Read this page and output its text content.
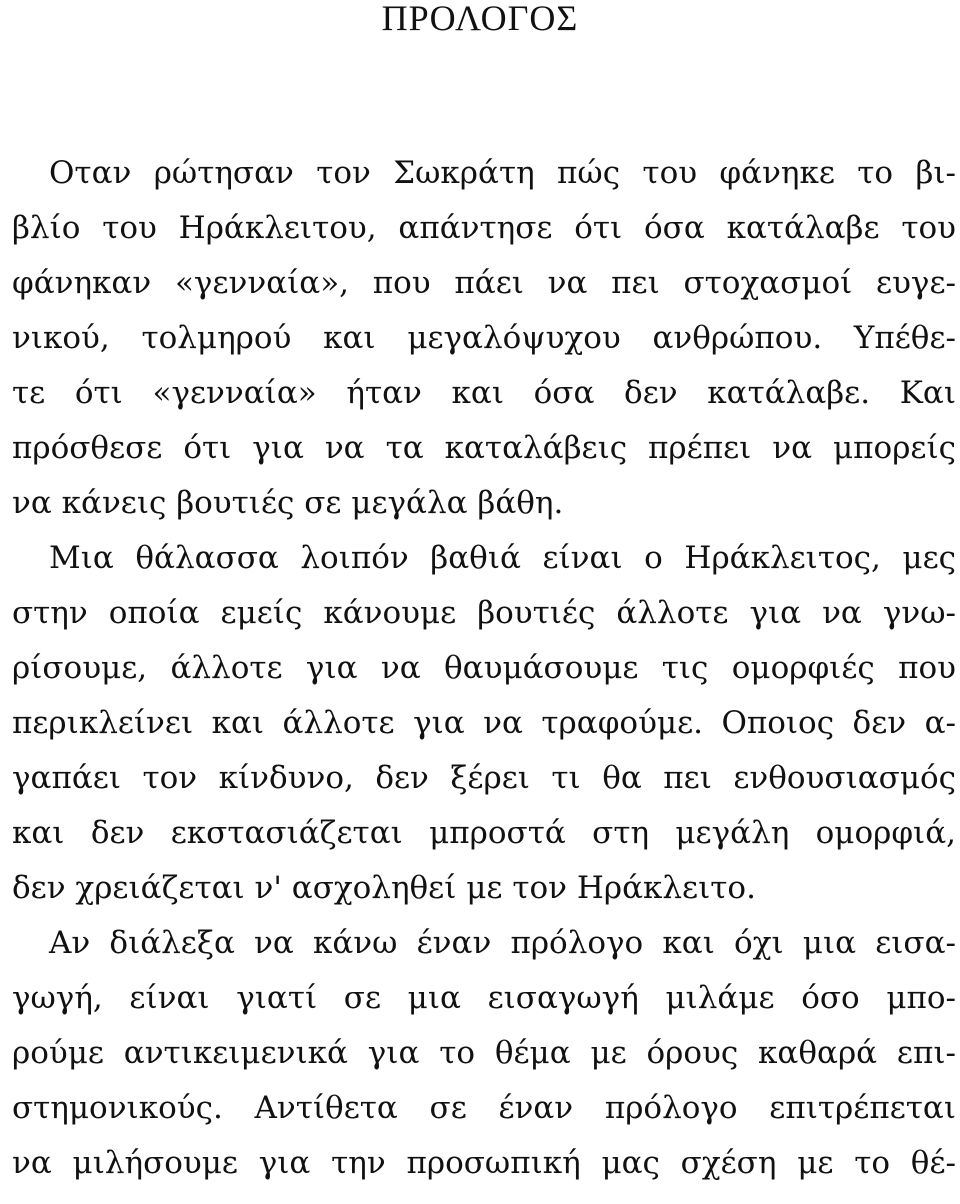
ΠΡΟΛΟΓΟΣ
Οταν ρώτησαν τον Σωκράτη πώς του φάνηκε το βι-
βλίο του Ηράκλειτου, απάντησε ότι όσα κατάλαβε του
φάνηκαν «γενναία», που πάει να πει στοχασμοί ευγε-
νικού, τολμηρού και μεγαλόψυχου ανθρώπου. Υπέθε-
τε ότι «γενναία» ήταν και όσα δεν κατάλαβε. Και
πρόσθεσε ότι για να τα καταλάβεις πρέπει να μπορείς
να κάνεις βουτιές σε μεγάλα βάθη.
Μια θάλασσα λοιπόν βαθιά είναι ο Ηράκλειτος, μες
στην οποία εμείς κάνουμε βουτιές άλλοτε για να γνω-
ρίσουμε, άλλοτε για να θαυμάσουμε τις ομορφιές που
περικλείνει και άλλοτε για να τραφούμε. Οποιος δεν α-
γαπάει τον κίνδυνο, δεν ξέρει τι θα πει ενθουσιασμός
και δεν εκστασιάζεται μπροστά στη μεγάλη ομορφιά,
δεν χρειάζεται ν' ασχοληθεί με τον Ηράκλειτο.
Αν διάλεξα να κάνω έναν πρόλογο και όχι μια εισα-
γωγή, είναι γιατί σε μια εισαγωγή μιλάμε όσο μπο-
ρούμε αντικειμενικά για το θέμα με όρους καθαρά επι-
στημονικούς. Αντίθετα σε έναν πρόλογο επιτρέπεται
να μιλήσουμε για την προσωπική μας σχέση με το θέ-
